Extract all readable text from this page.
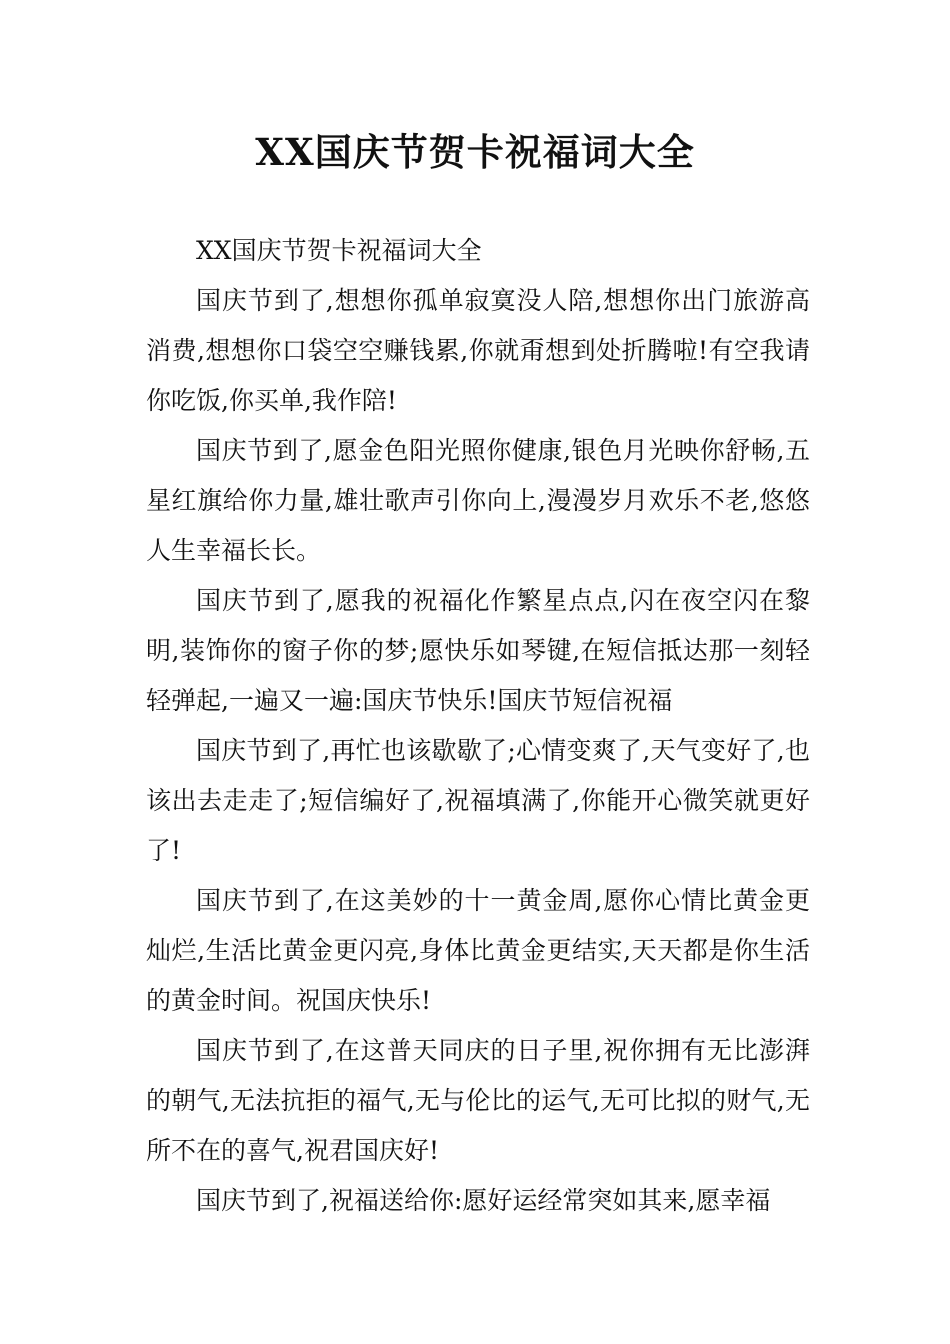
XX国庆节贺卡祝福词大全

XX国庆节贺卡祝福词大全

国庆节到了,想想你孤单寂寞没人陪,想想你出门旅游高消费,想想你口袋空空赚钱累,你就甭想到处折腾啦!有空我请你吃饭,你买单,我作陪!

国庆节到了,愿金色阳光照你健康,银色月光映你舒畅,五星红旗给你力量,雄壮歌声引你向上,漫漫岁月欢乐不老,悠悠人生幸福长长。

国庆节到了,愿我的祝福化作繁星点点,闪在夜空闪在黎明,装饰你的窗子你的梦;愿快乐如琴键,在短信抵达那一刻轻轻弹起,一遍又一遍:国庆节快乐!国庆节短信祝福

国庆节到了,再忙也该歇歇了;心情变爽了,天气变好了,也该出去走走了;短信编好了,祝福填满了,你能开心微笑就更好了!

国庆节到了,在这美妙的十一黄金周,愿你心情比黄金更灿烂,生活比黄金更闪亮,身体比黄金更结实,天天都是你生活的黄金时间。祝国庆快乐!

国庆节到了,在这普天同庆的日子里,祝你拥有无比澎湃的朝气,无法抗拒的福气,无与伦比的运气,无可比拟的财气,无所不在的喜气,祝君国庆好!

国庆节到了,祝福送给你:愿好运经常突如其来,愿幸福
